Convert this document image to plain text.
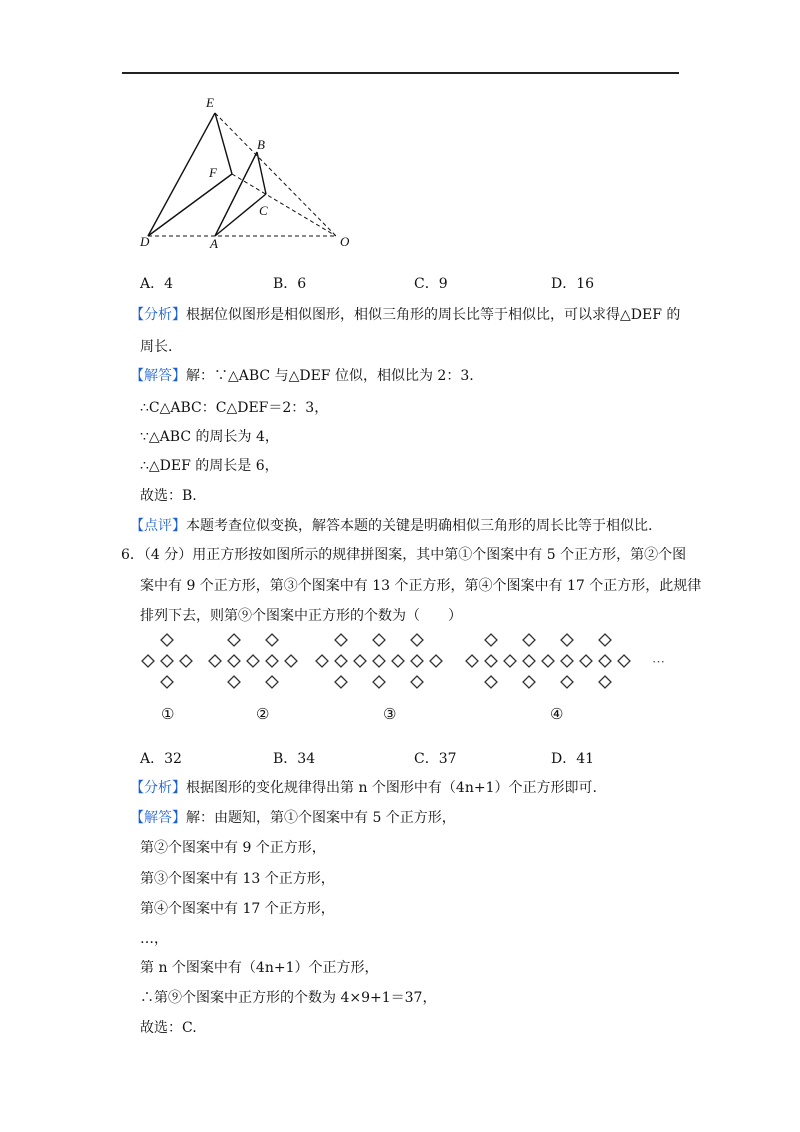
E
B
F
C
D	A	O
A．4	B．6	C．9	D．16
【分析】根据位似图形是相似图形，相似三角形的周长比等于相似比，可以求得△DEF 的
周长.
【解答】解：∵△ABC 与△DEF 位似，相似比为 2：3.
∴C△ABC：C△DEF＝2：3，
∵△ABC 的周长为 4，
∴△DEF 的周长是 6，
故选：B.
【点评】本题考查位似变换，解答本题的关键是明确相似三角形的周长比等于相似比.
6．（4 分）用正方形按如图所示的规律拼图案，其中第①个图案中有 5 个正方形，第②个图
案中有 9 个正方形，第③个图案中有 13 个正方形，第④个图案中有 17 个正方形，此规律
排列下去，则第⑨个图案中正方形的个数为（　　）
···
①	②	③	④
A．32	B．34	C．37	D．41
【分析】根据图形的变化规律得出第 n 个图形中有（4n+1）个正方形即可.
【解答】解：由题知，第①个图案中有 5 个正方形，
第②个图案中有 9 个正方形，
第③个图案中有 13 个正方形，
第④个图案中有 17 个正方形，
…，
第 n 个图案中有（4n+1）个正方形，
∴第⑨个图案中正方形的个数为 4×9+1＝37，
故选：C.
